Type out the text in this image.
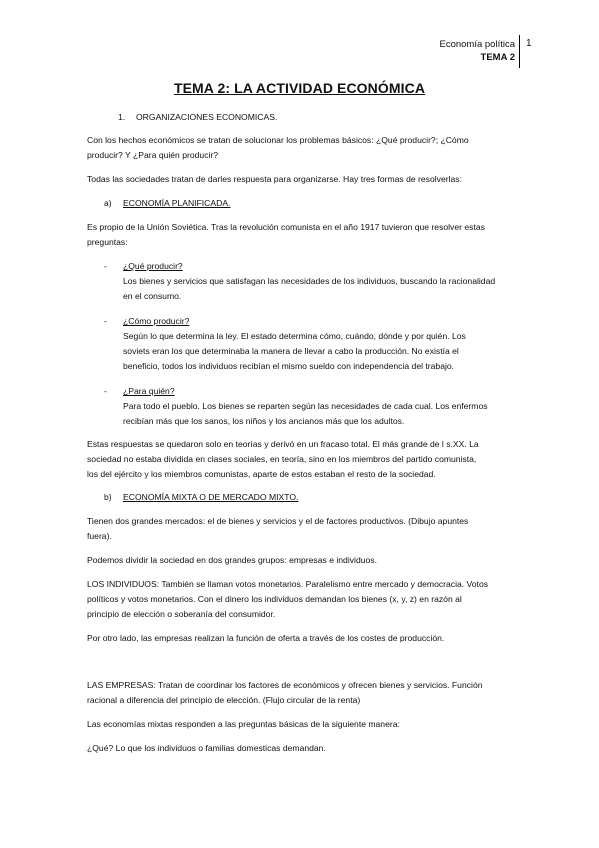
Economía política
TEMA 2
1
TEMA 2: LA ACTIVIDAD ECONÓMICA
1. ORGANIZACIONES ECONOMICAS.
Con los hechos económicos se tratan de solucionar los problemas básicos: ¿Qué producir?; ¿Cómo
producir? Y ¿Para quién producir?
Todas las sociedades tratan de darles respuesta para organizarse. Hay tres formas de resolverlas:
a) ECONOMÍA PLANIFICADA.
Es propio de la Unión Soviética. Tras la revolución comunista en el año 1917 tuvieron que resolver estas
preguntas:
- ¿Qué producir?
Los bienes y servicios que satisfagan las necesidades de los individuos, buscando la racionalidad
en el consumo.
- ¿Cómo producir?
Según lo que determina la ley. El estado determina cómo, cuándo, dónde y por quién. Los
soviets eran los que determinaba la manera de llevar a cabo la producción. No existía el
beneficio, todos los individuos recibían el mismo sueldo con independencia del trabajo.
- ¿Para quién?
Para todo el pueblo. Los bienes se reparten según las necesidades de cada cual. Los enfermos
recibían más que los sanos, los niños y los ancianos más que los adultos.
Estas respuestas se quedaron solo en teorías y derivó en un fracaso total. El más grande de l s.XX. La
sociedad no estaba dividida en clases sociales, en teoría, sino en los miembros del partido comunista,
los del ejército y los miembros comunistas, aparte de estos estaban el resto de la sociedad.
b) ECONOMÍA MIXTA O DE MERCADO MIXTO.
Tienen dos grandes mercados: el de bienes y servicios y el de factores productivos. (Dibujo apuntes
fuera).
Podemos dividir la sociedad en dos grandes grupos: empresas e individuos.
LOS INDIVIDUOS: También se llaman votos monetarios. Paralelismo entre mercado y democracia. Votos
políticos y votos monetarios. Con el dinero los individuos demandan los bienes (x, y, z) en razón al
principio de elección o soberanía del consumidor.
Por otro lado, las empresas realizan la función de oferta a través de los costes de producción.
LAS EMPRESAS: Tratan de coordinar los factores de económicos y ofrecen bienes y servicios. Función
racional a diferencia del principio de elección. (Flujo circular de la renta)
Las economías mixtas responden a las preguntas básicas de la siguiente manera:
¿Qué? Lo que los individuos o familias domesticas demandan.
